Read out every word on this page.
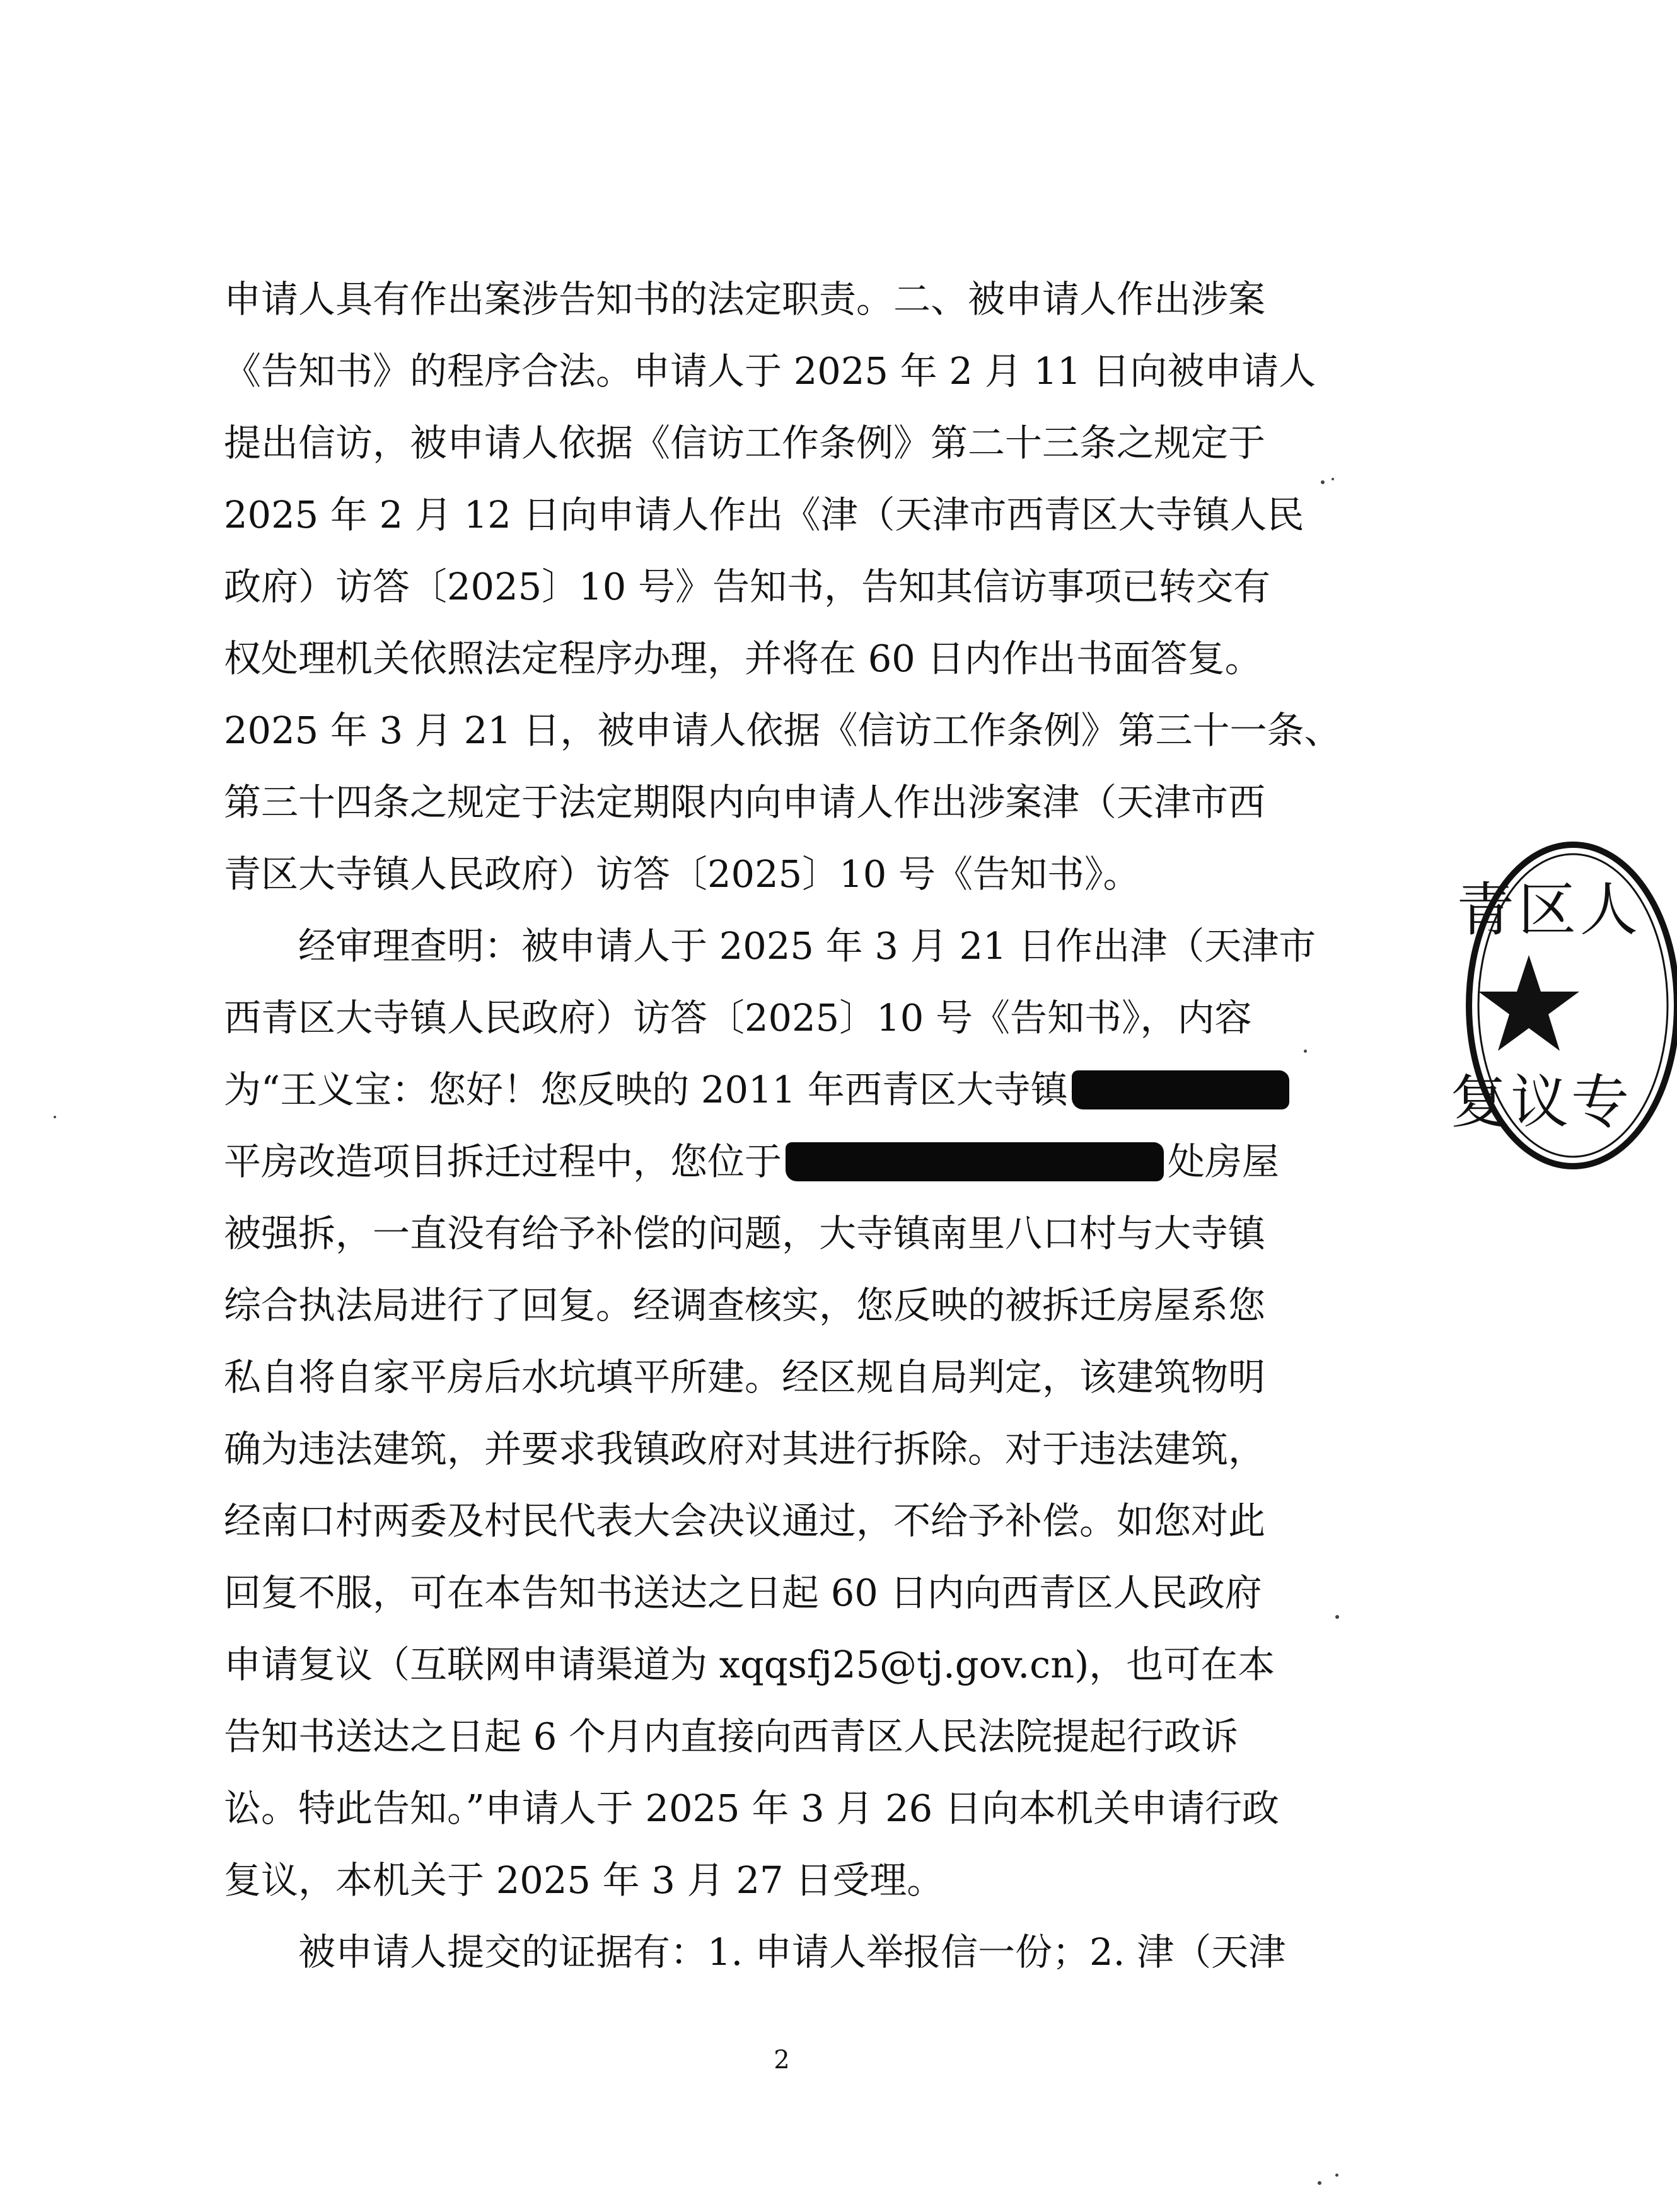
申请人具有作出案涉告知书的法定职责。二、被申请人作出涉案
《告知书》的程序合法。申请人于 2025 年 2 月 11 日向被申请人
提出信访，被申请人依据《信访工作条例》第二十三条之规定于
2025 年 2 月 12 日向申请人作出《津（天津市西青区大寺镇人民
政府）访答〔2025〕10 号》告知书，告知其信访事项已转交有
权处理机关依照法定程序办理，并将在 60 日内作出书面答复。
2025 年 3 月 21 日，被申请人依据《信访工作条例》第三十一条、
第三十四条之规定于法定期限内向申请人作出涉案津（天津市西
青区大寺镇人民政府）访答〔2025〕10 号《告知书》。
经审理查明：被申请人于 2025 年 3 月 21 日作出津（天津市
西青区大寺镇人民政府）访答〔2025〕10 号《告知书》，内容
为“王义宝：您好！您反映的 2011 年西青区大寺镇
平房改造项目拆迁过程中，您位于	处房屋
被强拆，一直没有给予补偿的问题，大寺镇南里八口村与大寺镇
综合执法局进行了回复。经调查核实，您反映的被拆迁房屋系您
私自将自家平房后水坑填平所建。经区规自局判定，该建筑物明
确为违法建筑，并要求我镇政府对其进行拆除。对于违法建筑，
经南口村两委及村民代表大会决议通过，不给予补偿。如您对此
回复不服，可在本告知书送达之日起 60 日内向西青区人民政府
申请复议（互联网申请渠道为 xqqsfj25@tj.gov.cn)，也可在本
告知书送达之日起 6 个月内直接向西青区人民法院提起行政诉
讼。特此告知。”申请人于 2025 年 3 月 26 日向本机关申请行政
复议，本机关于 2025 年 3 月 27 日受理。
被申请人提交的证据有：1. 申请人举报信一份；2. 津（天津
青区人
复议专
2
